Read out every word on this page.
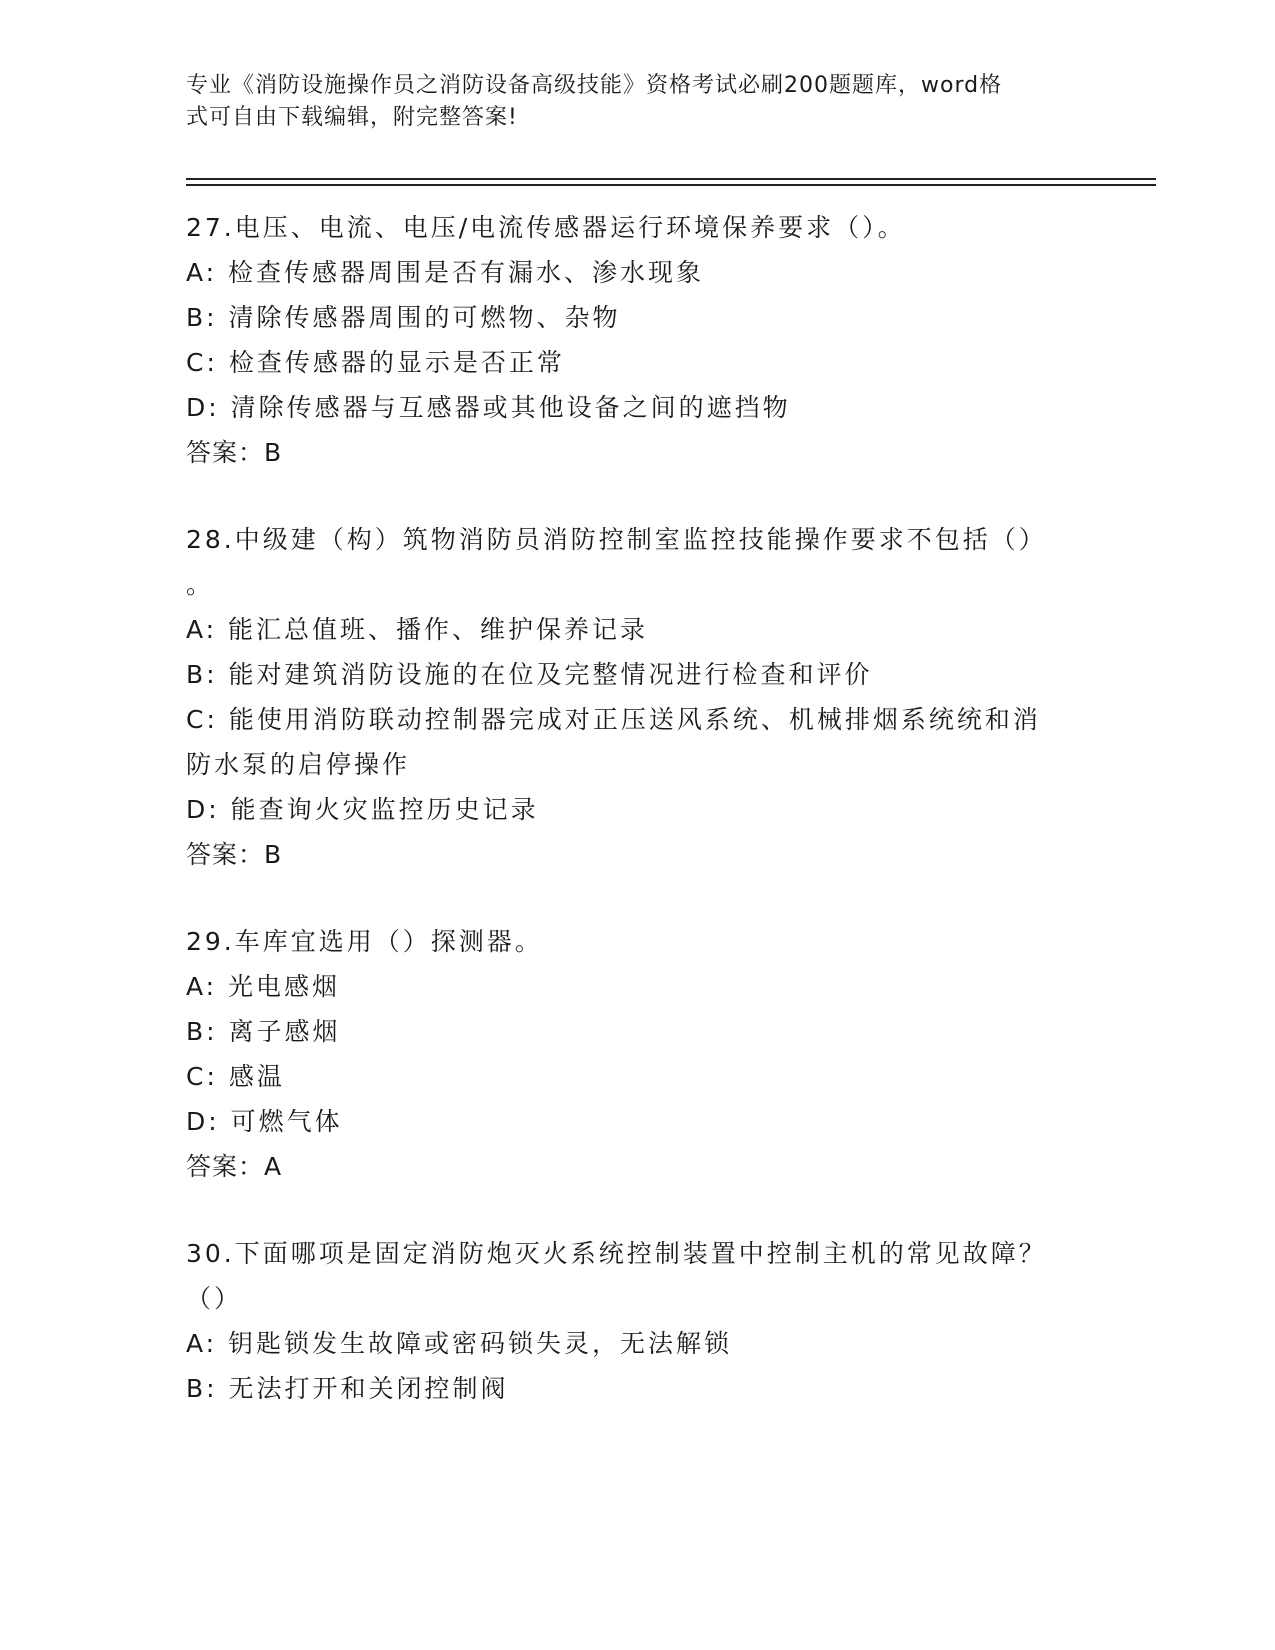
专业《消防设施操作员之消防设备高级技能》资格考试必刷200题题库，word格
式可自由下载编辑，附完整答案!
27.电压、电流、电压/电流传感器运行环境保养要求（）。
A: 检查传感器周围是否有漏水、渗水现象
B: 清除传感器周围的可燃物、杂物
C: 检查传感器的显示是否正常
D: 清除传感器与互感器或其他设备之间的遮挡物
答案：B
28.中级建（构）筑物消防员消防控制室监控技能操作要求不包括（）
。
A: 能汇总值班、播作、维护保养记录
B: 能对建筑消防设施的在位及完整情况进行检查和评价
C: 能使用消防联动控制器完成对正压送风系统、机械排烟系统统和消
防水泵的启停操作
D: 能查询火灾监控历史记录
答案：B
29.车库宜选用（）探测器。
A: 光电感烟
B: 离子感烟
C: 感温
D: 可燃气体
答案：A
30.下面哪项是固定消防炮灭火系统控制装置中控制主机的常见故障？
（）
A: 钥匙锁发生故障或密码锁失灵，无法解锁
B: 无法打开和关闭控制阀
